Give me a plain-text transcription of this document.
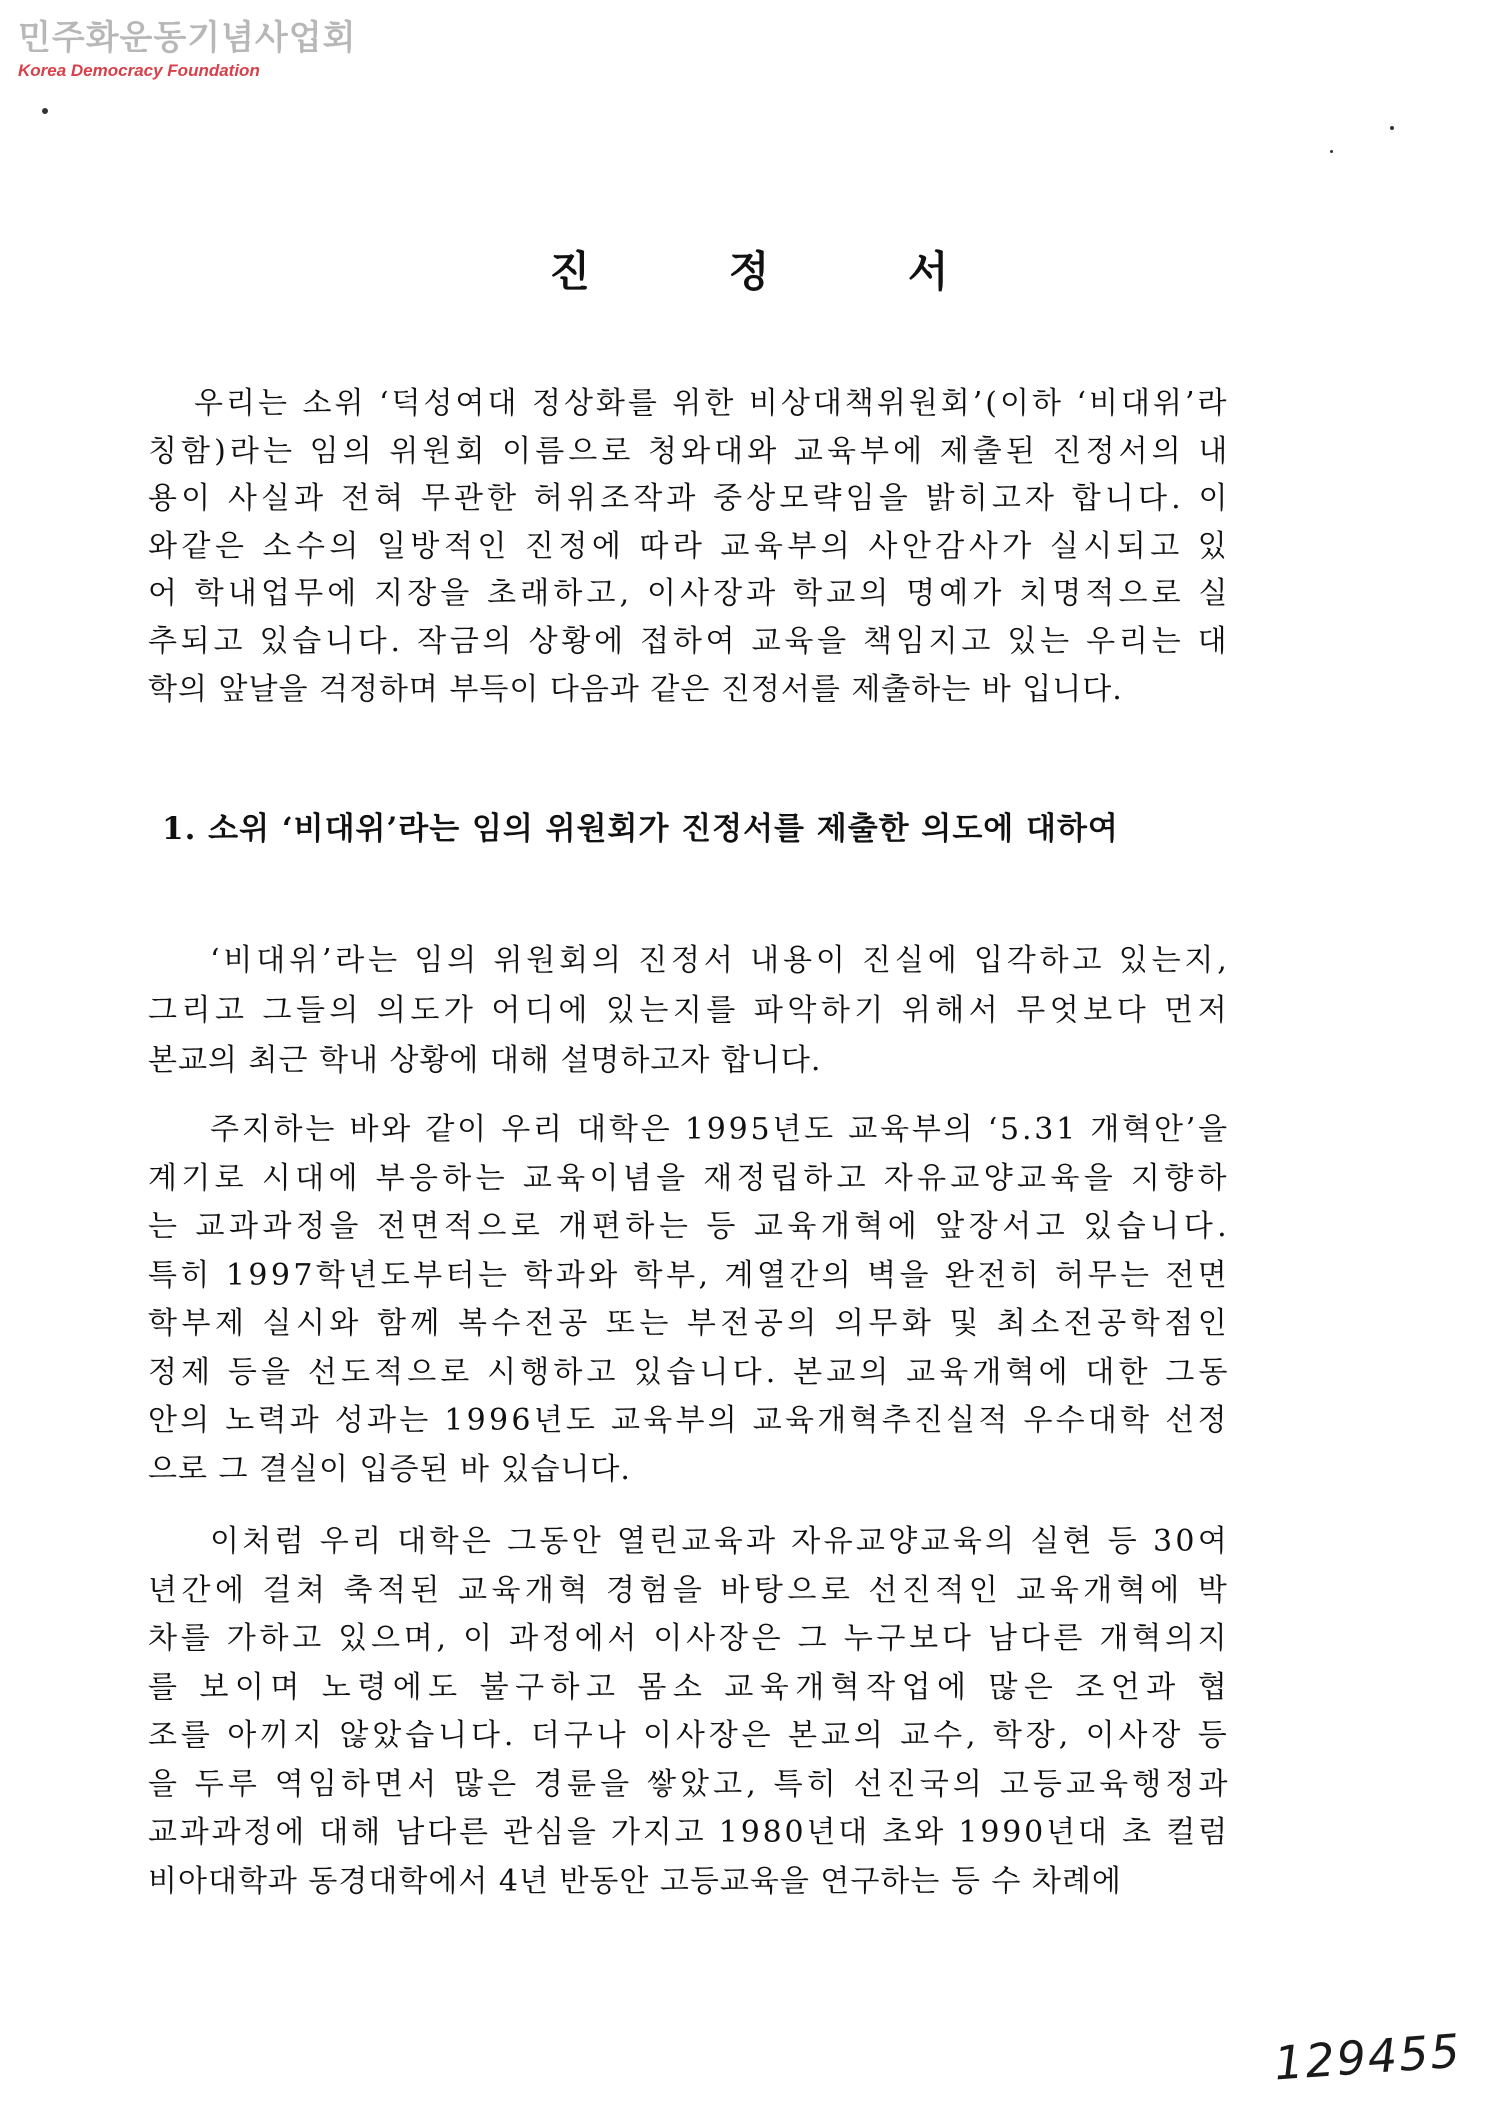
민주화운동기념사업회
Korea Democracy Foundation
진 정 서

우리는 소위 ‘덕성여대 정상화를 위한 비상대책위원회’(이하 ‘비대위’라
칭함)라는 임의 위원회 이름으로 청와대와 교육부에 제출된 진정서의 내
용이 사실과 전혀 무관한 허위조작과 중상모략임을 밝히고자 합니다. 이
와같은 소수의 일방적인 진정에 따라 교육부의 사안감사가 실시되고 있
어 학내업무에 지장을 초래하고, 이사장과 학교의 명예가 치명적으로 실
추되고 있습니다. 작금의 상황에 접하여 교육을 책임지고 있는 우리는 대
학의 앞날을 걱정하며 부득이 다음과 같은 진정서를 제출하는 바 입니다.

1. 소위 ‘비대위’라는 임의 위원회가 진정서를 제출한 의도에 대하여

‘비대위’라는 임의 위원회의 진정서 내용이 진실에 입각하고 있는지,
그리고 그들의 의도가 어디에 있는지를 파악하기 위해서 무엇보다 먼저
본교의 최근 학내 상황에 대해 설명하고자 합니다.

주지하는 바와 같이 우리 대학은 1995년도 교육부의 ‘5.31 개혁안’을
계기로 시대에 부응하는 교육이념을 재정립하고 자유교양교육을 지향하
는 교과과정을 전면적으로 개편하는 등 교육개혁에 앞장서고 있습니다.
특히 1997학년도부터는 학과와 학부, 계열간의 벽을 완전히 허무는 전면
학부제 실시와 함께 복수전공 또는 부전공의 의무화 및 최소전공학점인
정제 등을 선도적으로 시행하고 있습니다. 본교의 교육개혁에 대한 그동
안의 노력과 성과는 1996년도 교육부의 교육개혁추진실적 우수대학 선정
으로 그 결실이 입증된 바 있습니다.

이처럼 우리 대학은 그동안 열린교육과 자유교양교육의 실현 등 30여
년간에 걸쳐 축적된 교육개혁 경험을 바탕으로 선진적인 교육개혁에 박
차를 가하고 있으며, 이 과정에서 이사장은 그 누구보다 남다른 개혁의지
를 보이며 노령에도 불구하고 몸소 교육개혁작업에 많은 조언과 협
조를 아끼지 않았습니다. 더구나 이사장은 본교의 교수, 학장, 이사장 등
을 두루 역임하면서 많은 경륜을 쌓았고, 특히 선진국의 고등교육행정과
교과과정에 대해 남다른 관심을 가지고 1980년대 초와 1990년대 초 컬럼
비아대학과 동경대학에서 4년 반동안 고등교육을 연구하는 등 수 차례에

129455
